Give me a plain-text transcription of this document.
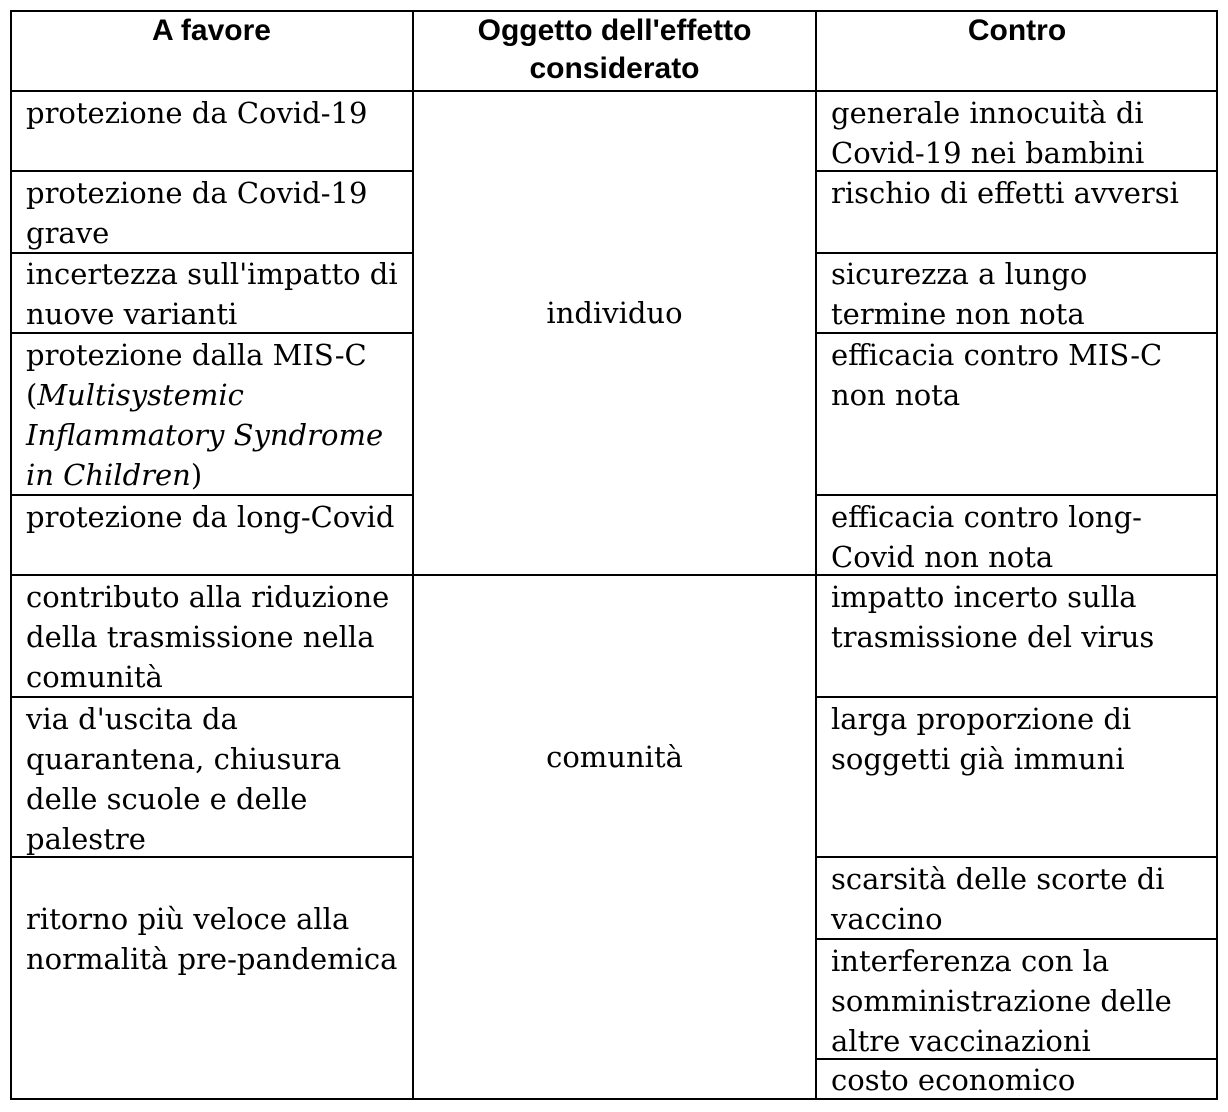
A favore	Oggetto dell'effetto
considerato
Contro
individuo
comunità
protezione da Covid-19
protezione da Covid-19
grave
incertezza sull'impatto di
nuove varianti
protezione dalla MIS-C
(Multisystemic
Inflammatory Syndrome
in Children)
protezione da long-Covid
contributo alla riduzione
della trasmissione nella
comunità
via d'uscita da
quarantena, chiusura
delle scuole e delle
palestre
ritorno più veloce alla
normalità pre-pandemica
generale innocuità di
Covid-19 nei bambini
rischio di effetti avversi
sicurezza a lungo
termine non nota
efficacia contro MIS-C
non nota
efficacia contro long-
Covid non nota
impatto incerto sulla
trasmissione del virus
larga proporzione di
soggetti già immuni
scarsità delle scorte di
vaccino
interferenza con la
somministrazione delle
altre vaccinazioni
costo economico
